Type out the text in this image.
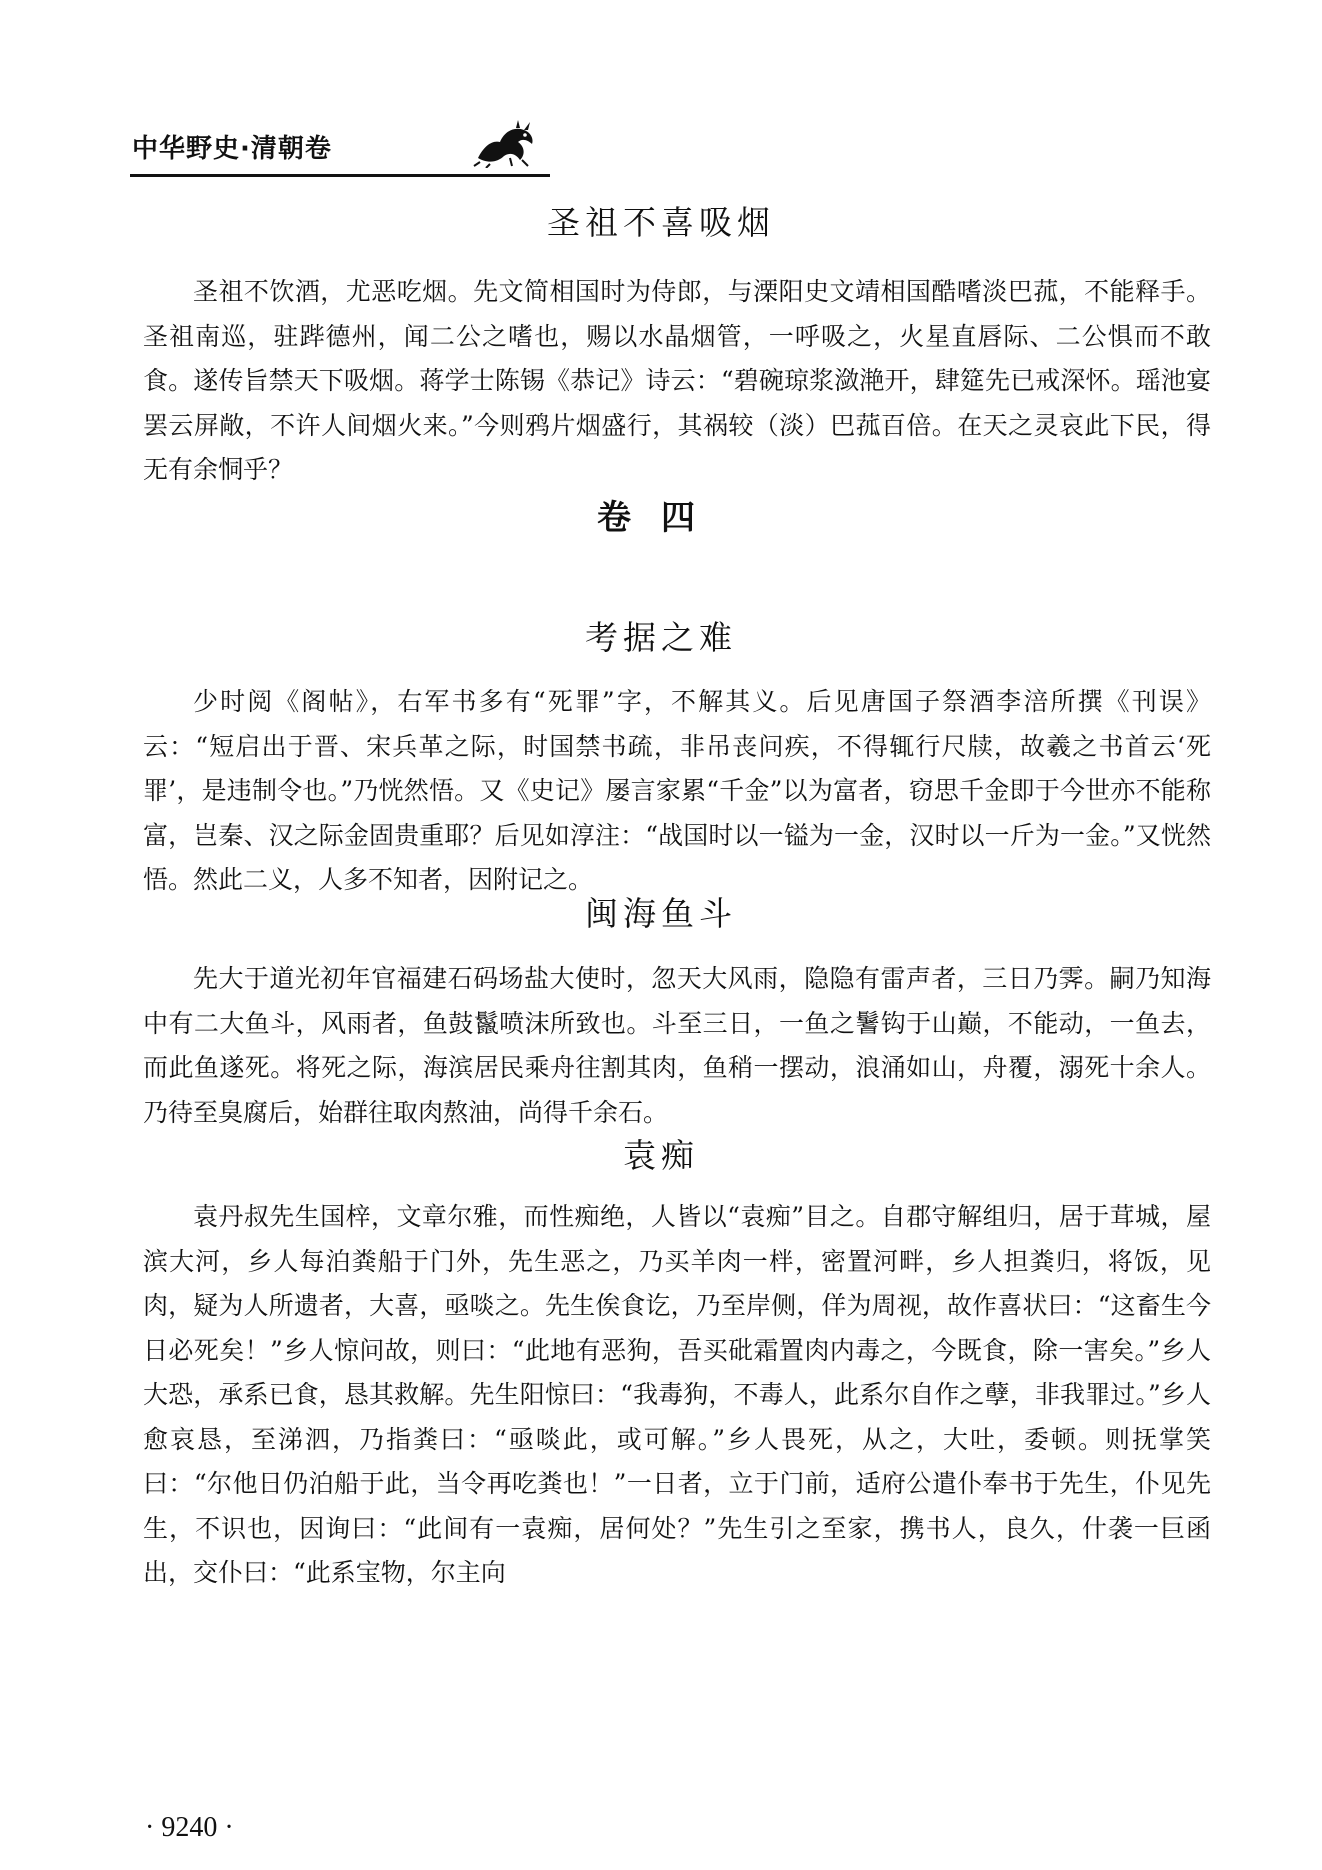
中华野史·清朝卷
圣祖不喜吸烟

圣祖不饮酒，尤恶吃烟。先文简相国时为侍郎，与溧阳史文靖相国酷嗜淡巴菰，不能释手。圣祖南巡，驻跸德州，闻二公之嗜也，赐以水晶烟管，一呼吸之，火星直唇际、二公惧而不敢食。遂传旨禁天下吸烟。蒋学士陈锡《恭记》诗云：“碧碗琼浆潋滟开，肆筵先已戒深怀。瑶池宴罢云屏敞，不许人间烟火来。”今则鸦片烟盛行，其祸较（淡）巴菰百倍。在天之灵哀此下民，得无有余恫乎？

卷四
考据之难

少时阅《阁帖》，右军书多有“死罪”字，不解其义。后见唐国子祭酒李涪所撰《刊误》云：“短启出于晋、宋兵革之际，时国禁书疏，非吊丧问疾，不得辄行尺牍，故羲之书首云‘死罪’，是违制令也。”乃恍然悟。又《史记》屡言家累“千金”以为富者，窃思千金即于今世亦不能称富，岂秦、汉之际金固贵重耶？后见如淳注：“战国时以一镒为一金，汉时以一斤为一金。”又恍然悟。然此二义，人多不知者，因附记之。

闽海鱼斗

先大于道光初年官福建石码场盐大使时，忽天大风雨，隐隐有雷声者，三日乃霁。嗣乃知海中有二大鱼斗，风雨者，鱼鼓鬣喷沫所致也。斗至三日，一鱼之鬐钩于山巅，不能动，一鱼去，而此鱼遂死。将死之际，海滨居民乘舟往割其肉，鱼稍一摆动，浪涌如山，舟覆，溺死十余人。乃待至臭腐后，始群往取肉熬油，尚得千余石。

袁痴

袁丹叔先生国梓，文章尔雅，而性痴绝，人皆以“袁痴”目之。自郡守解组归，居于茸城，屋滨大河，乡人每泊粪船于门外，先生恶之，乃买羊肉一柈，密置河畔，乡人担粪归，将饭，见肉，疑为人所遗者，大喜，亟啖之。先生俟食讫，乃至岸侧，佯为周视，故作喜状曰：“这畜生今日必死矣！”乡人惊问故，则曰：“此地有恶狗，吾买砒霜置肉内毒之，今既食，除一害矣。”乡人大恐，承系已食，恳其救解。先生阳惊曰：“我毒狗，不毒人，此系尔自作之孽，非我罪过。”乡人愈哀恳，至涕泗，乃指粪曰：“亟啖此，或可解。”乡人畏死，从之，大吐，委顿。则抚掌笑曰：“尔他日仍泊船于此，当令再吃粪也！”一日者，立于门前，适府公遣仆奉书于先生，仆见先生，不识也，因询曰：“此间有一袁痴，居何处？”先生引之至家，携书人，良久，什袭一巨函出，交仆曰：“此系宝物，尔主向

· 9240 ·
